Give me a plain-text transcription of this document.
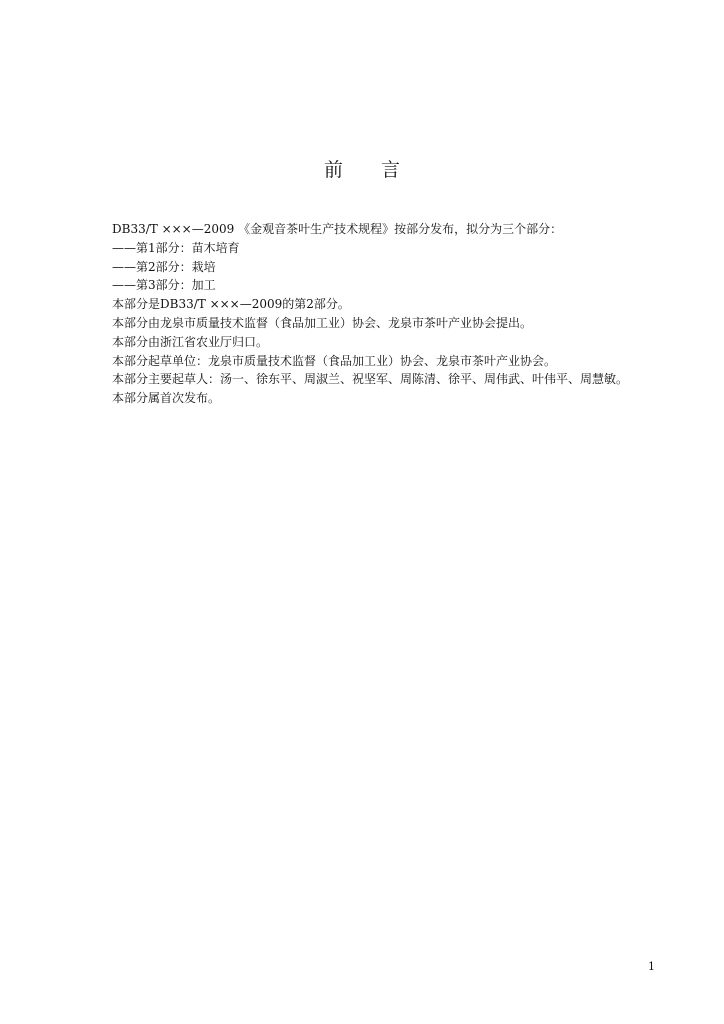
前 言
DB33/T ×××—2009 《金观音茶叶生产技术规程》按部分发布，拟分为三个部分：
——第1部分：苗木培育
——第2部分：栽培
——第3部分：加工
本部分是DB33/T ×××—2009的第2部分。
本部分由龙泉市质量技术监督（食品加工业）协会、龙泉市茶叶产业协会提出。
本部分由浙江省农业厅归口。
本部分起草单位：龙泉市质量技术监督（食品加工业）协会、龙泉市茶叶产业协会。
本部分主要起草人：汤一、徐东平、周淑兰、祝坚军、周陈清、徐平、周伟武、叶伟平、周慧敏。
本部分属首次发布。
1
